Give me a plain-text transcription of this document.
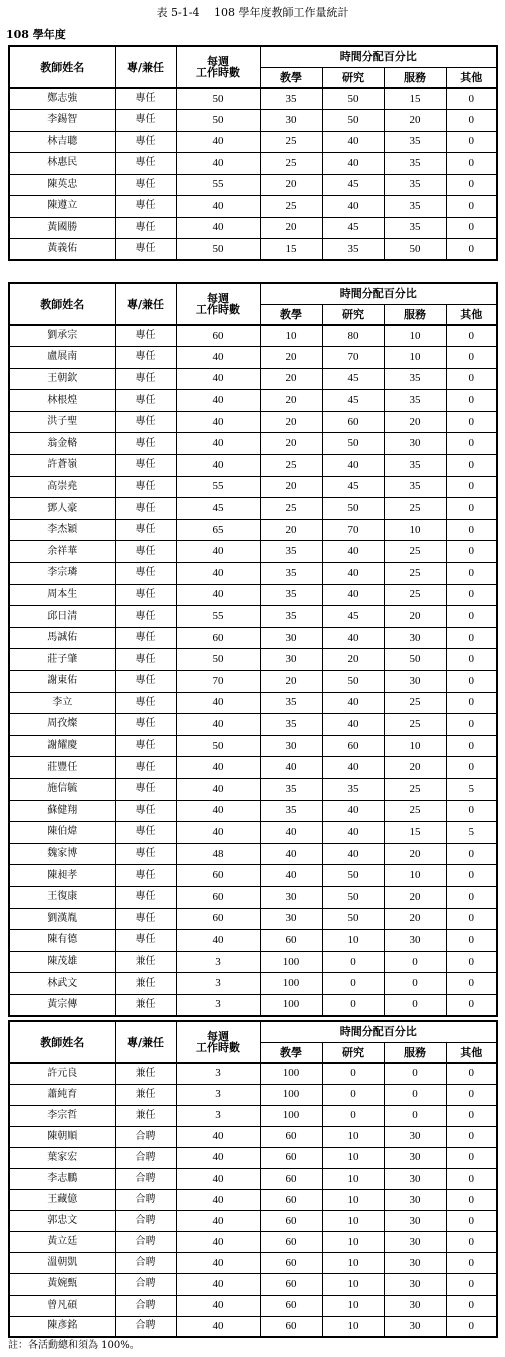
表 5-1-4　 108 學年度教師工作量統計
108 學年度
教師姓名	專/兼任	每週
工作時數	時間分配百分比			
			教學	研究	服務	其他
鄭志強	專任	50	35	50	15	0
李錫智	專任	50	30	50	20	0
林吉聰	專任	40	25	40	35	0
林惠民	專任	40	25	40	35	0
陳英忠	專任	55	20	45	35	0
陳遵立	專任	40	25	40	35	0
黃國勝	專任	40	20	45	35	0
黃義佑	專任	50	15	35	50	0
教師姓名	專/兼任	每週
工作時數	時間分配百分比			
			教學	研究	服務	其他
劉承宗	專任	60	10	80	10	0
盧展南	專任	40	20	70	10	0
王朝欽	專任	40	20	45	35	0
林根煌	專任	40	20	45	35	0
洪子聖	專任	40	20	60	20	0
翁金輅	專任	40	20	50	30	0
許蒼嶺	專任	40	25	40	35	0
高崇堯	專任	55	20	45	35	0
鄧人豪	專任	45	25	50	25	0
李杰穎	專任	65	20	70	10	0
余祥華	專任	40	35	40	25	0
李宗璘	專任	40	35	40	25	0
周本生	專任	40	35	40	25	0
邱日清	專任	55	35	45	20	0
馬誠佑	專任	60	30	40	30	0
莊子肇	專任	50	30	20	50	0
謝東佑	專任	70	20	50	30	0
李立	專任	40	35	40	25	0
周孜燦	專任	40	35	40	25	0
謝耀慶	專任	50	30	60	10	0
莊豐任	專任	40	40	40	20	0
施信毓	專任	40	35	35	25	5
蘇健翔	專任	40	35	40	25	0
陳伯煒	專任	40	40	40	15	5
魏家博	專任	48	40	40	20	0
陳昶孝	專任	60	40	50	10	0
王復康	專任	60	30	50	20	0
劉漢胤	專任	60	30	50	20	0
陳有德	專任	40	60	10	30	0
陳茂雄	兼任	3	100	0	0	0
林武文	兼任	3	100	0	0	0
黃宗傳	兼任	3	100	0	0	0
教師姓名	專/兼任	每週
工作時數	時間分配百分比			
			教學	研究	服務	其他
許元良	兼任	3	100	0	0	0
蕭純育	兼任	3	100	0	0	0
李宗哲	兼任	3	100	0	0	0
陳朝順	合聘	40	60	10	30	0
葉家宏	合聘	40	60	10	30	0
李志鵬	合聘	40	60	10	30	0
王藏億	合聘	40	60	10	30	0
郭忠文	合聘	40	60	10	30	0
黃立廷	合聘	40	60	10	30	0
溫朝凱	合聘	40	60	10	30	0
黃婉甄	合聘	40	60	10	30	0
曾凡碩	合聘	40	60	10	30	0
陳彥銘	合聘	40	60	10	30	0
註：各活動總和須為 100%。
